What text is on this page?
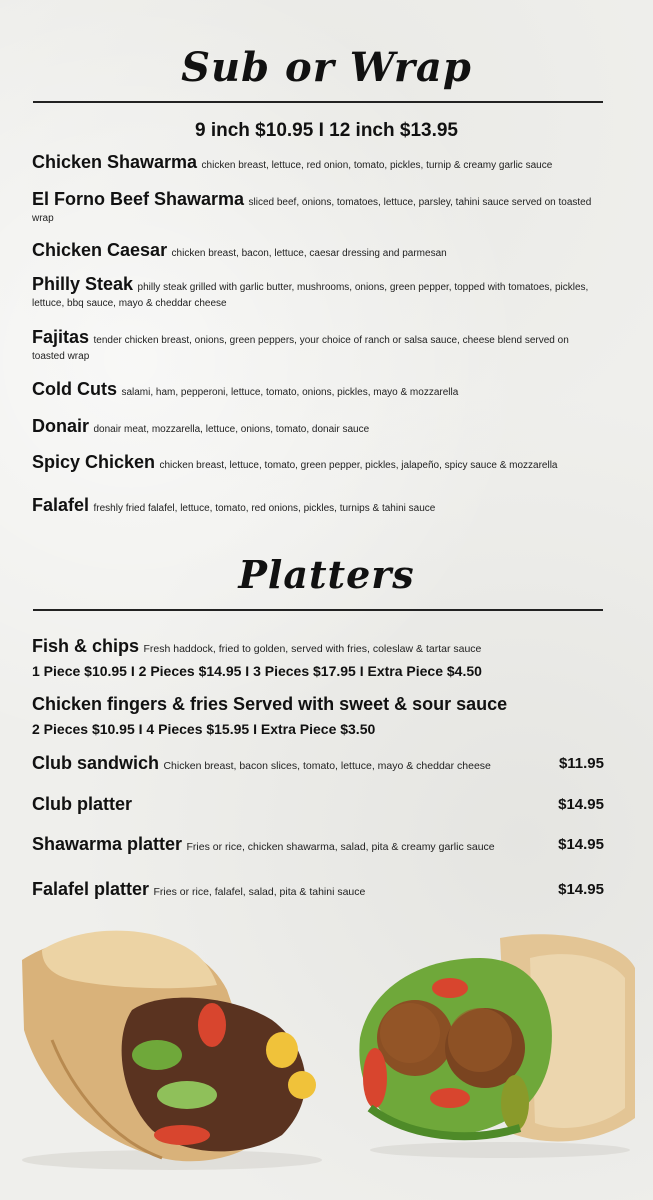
Sub or Wrap
9 inch $10.95 I 12 inch $13.95
Chicken Shawarma chicken breast, lettuce, red onion, tomato, pickles, turnip & creamy garlic sauce
El Forno Beef Shawarma sliced beef, onions, tomatoes, lettuce, parsley, tahini sauce served on toasted wrap
Chicken Caesar chicken breast, bacon, lettuce, caesar dressing and parmesan
Philly Steak philly steak grilled with garlic butter, mushrooms, onions, green pepper, topped with tomatoes, pickles, lettuce, bbq sauce, mayo & cheddar cheese
Fajitas tender chicken breast, onions, green peppers, your choice of ranch or salsa sauce, cheese blend served on toasted wrap
Cold Cuts salami, ham, pepperoni, lettuce, tomato, onions, pickles, mayo & mozzarella
Donair donair meat, mozzarella, lettuce, onions, tomato, donair sauce
Spicy Chicken chicken breast, lettuce, tomato, green pepper, pickles, jalapeño, spicy sauce & mozzarella
Falafel freshly fried falafel, lettuce, tomato, red onions, pickles, turnips & tahini sauce
Platters
Fish & chips Fresh haddock, fried to golden, served with fries, coleslaw & tartar sauce
1 Piece $10.95 I 2 Pieces $14.95 I 3 Pieces $17.95 I Extra Piece $4.50
Chicken fingers & fries Served with sweet & sour sauce
2 Pieces $10.95 I 4 Pieces $15.95 I Extra Piece $3.50
Club sandwich Chicken breast, bacon slices, tomato, lettuce, mayo & cheddar cheese	$11.95
Club platter	$14.95
Shawarma platter Fries or rice, chicken shawarma, salad, pita & creamy garlic sauce	$14.95
Falafel platter Fries or rice, falafel, salad, pita & tahini sauce	$14.95
